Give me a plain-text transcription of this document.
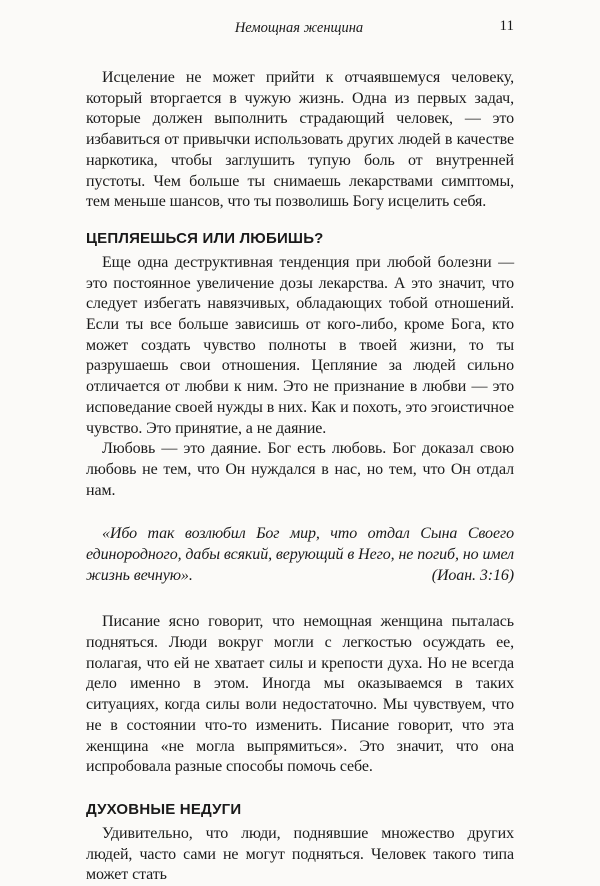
Немощная женщина	11

Исцеление не может прийти к отчаявшемуся человеку, который вторгается в чужую жизнь. Одна из первых задач, которые должен выполнить страдающий человек, — это избавиться от привычки использовать других людей в качестве наркотика, чтобы заглушить тупую боль от внутренней пустоты. Чем больше ты снимаешь лекарствами симптомы, тем меньше шансов, что ты позволишь Богу исцелить себя.

ЦЕПЛЯЕШЬСЯ ИЛИ ЛЮБИШЬ?

Еще одна деструктивная тенденция при любой болезни — это постоянное увеличение дозы лекарства. А это значит, что следует избегать навязчивых, обладающих тобой отношений. Если ты все больше зависишь от кого-либо, кроме Бога, кто может создать чувство полноты в твоей жизни, то ты разрушаешь свои отношения. Цепляние за людей сильно отличается от любви к ним. Это не признание в любви — это исповедание своей нужды в них. Как и похоть, это эгоистичное чувство. Это принятие, а не даяние.

Любовь — это даяние. Бог есть любовь. Бог доказал свою любовь не тем, что Он нуждался в нас, но тем, что Он отдал нам.

«Ибо так возлюбил Бог мир, что отдал Сына Своего единородного, дабы всякий, верующий в Него, не погиб, но имел жизнь вечную».	(Иоан. 3:16)

Писание ясно говорит, что немощная женщина пыталась подняться. Люди вокруг могли с легкостью осуждать ее, полагая, что ей не хватает силы и крепости духа. Но не всегда дело именно в этом. Иногда мы оказываемся в таких ситуациях, когда силы воли недостаточно. Мы чувствуем, что не в состоянии что-то изменить. Писание говорит, что эта женщина «не могла выпрямиться». Это значит, что она испробовала разные способы помочь себе.

ДУХОВНЫЕ НЕДУГИ

Удивительно, что люди, поднявшие множество других людей, часто сами не могут подняться. Человек такого типа может стать
